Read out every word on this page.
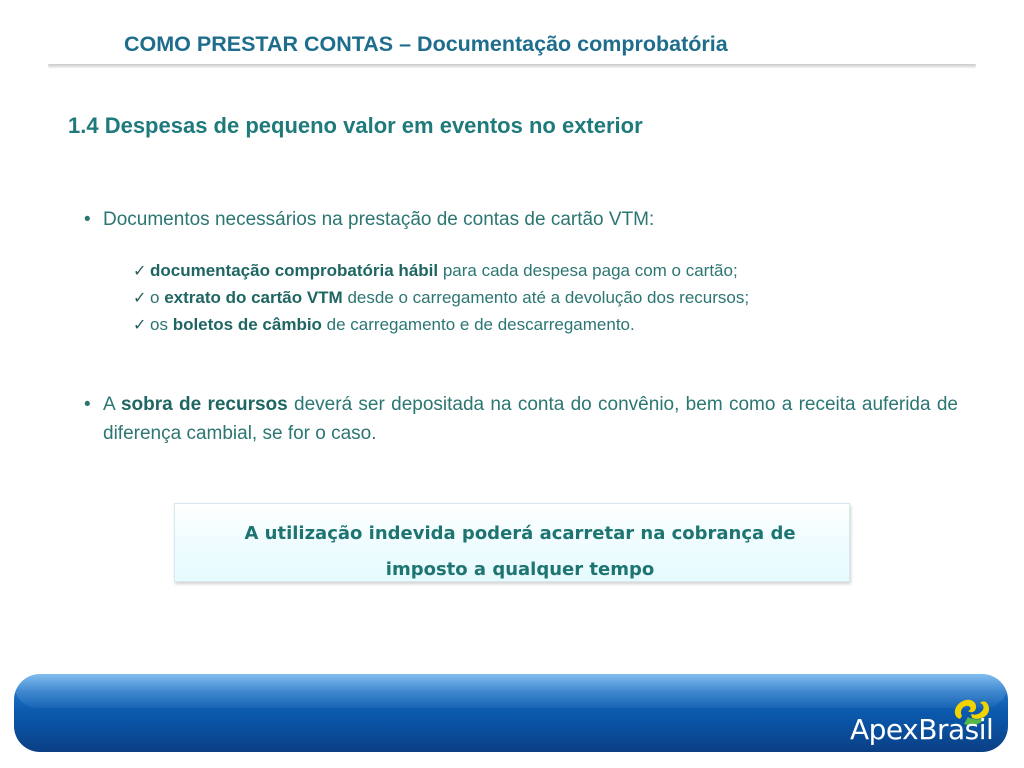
COMO PRESTAR CONTAS – Documentação comprobatória
1.4 Despesas de pequeno valor em eventos no exterior
• Documentos necessários na prestação de contas de cartão VTM:
✓ documentação comprobatória hábil para cada despesa paga com o cartão;
✓ o extrato do cartão VTM desde o carregamento até a devolução dos recursos;
✓ os boletos de câmbio de carregamento e de descarregamento.
• A sobra de recursos deverá ser depositada na conta do convênio, bem como a receita auferida de diferença cambial, se for o caso.
A utilização indevida poderá acarretar na cobrança de
imposto a qualquer tempo
ApexBrasil
